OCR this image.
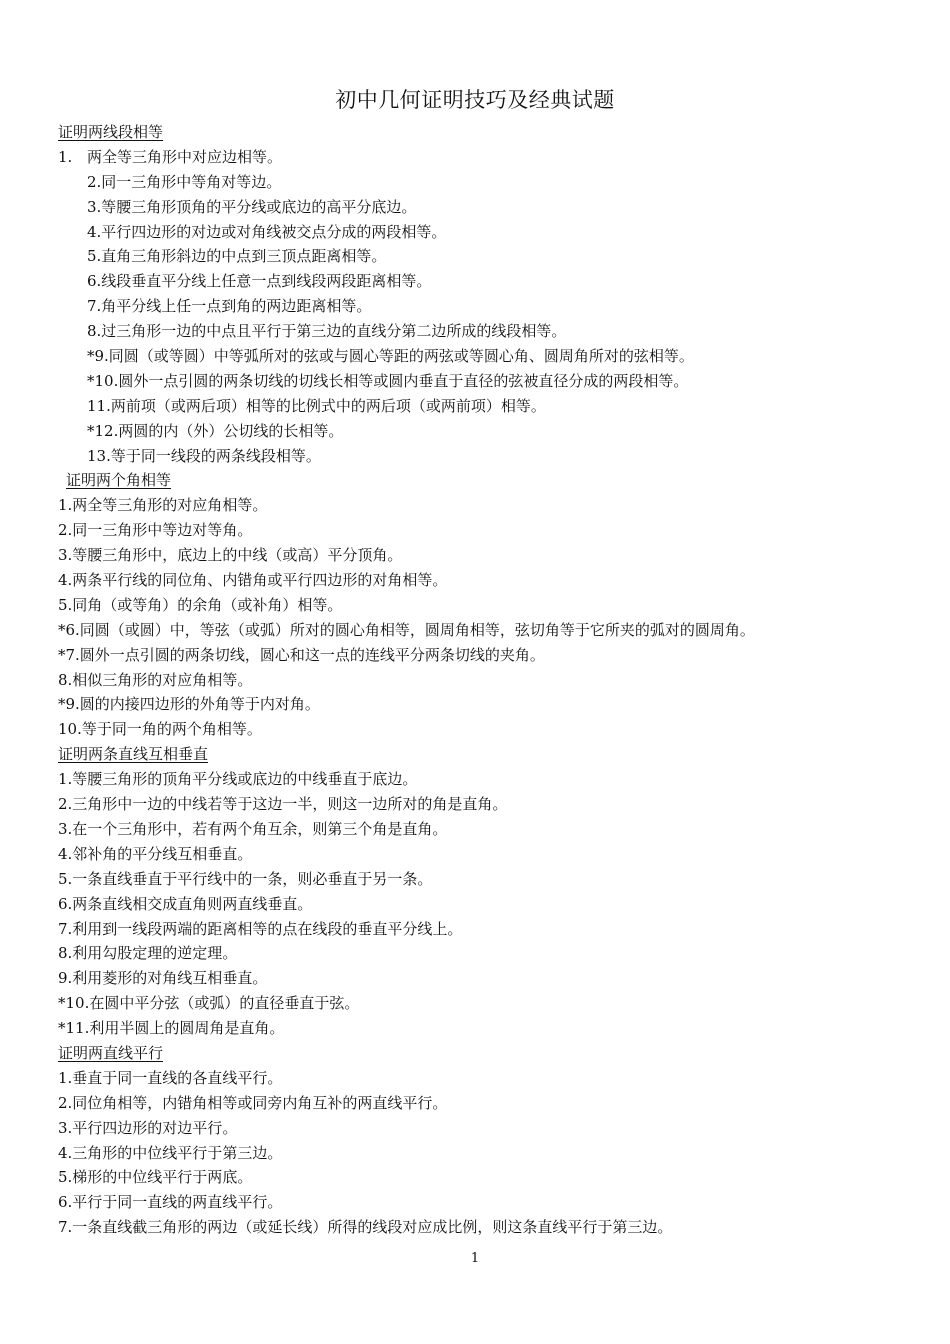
初中几何证明技巧及经典试题
证明两线段相等
1. 两全等三角形中对应边相等。
2.同一三角形中等角对等边。
3.等腰三角形顶角的平分线或底边的高平分底边。
4.平行四边形的对边或对角线被交点分成的两段相等。
5.直角三角形斜边的中点到三顶点距离相等。
6.线段垂直平分线上任意一点到线段两段距离相等。
7.角平分线上任一点到角的两边距离相等。
8.过三角形一边的中点且平行于第三边的直线分第二边所成的线段相等。
*9.同圆（或等圆）中等弧所对的弦或与圆心等距的两弦或等圆心角、圆周角所对的弦相等。
*10.圆外一点引圆的两条切线的切线长相等或圆内垂直于直径的弦被直径分成的两段相等。
11.两前项（或两后项）相等的比例式中的两后项（或两前项）相等。
*12.两圆的内（外）公切线的长相等。
13.等于同一线段的两条线段相等。
证明两个角相等
1.两全等三角形的对应角相等。
2.同一三角形中等边对等角。
3.等腰三角形中，底边上的中线（或高）平分顶角。
4.两条平行线的同位角、内错角或平行四边形的对角相等。
5.同角（或等角）的余角（或补角）相等。
*6.同圆（或圆）中，等弦（或弧）所对的圆心角相等，圆周角相等，弦切角等于它所夹的弧对的圆周角。
*7.圆外一点引圆的两条切线，圆心和这一点的连线平分两条切线的夹角。
8.相似三角形的对应角相等。
*9.圆的内接四边形的外角等于内对角。
10.等于同一角的两个角相等。
证明两条直线互相垂直
1.等腰三角形的顶角平分线或底边的中线垂直于底边。
2.三角形中一边的中线若等于这边一半，则这一边所对的角是直角。
3.在一个三角形中，若有两个角互余，则第三个角是直角。
4.邻补角的平分线互相垂直。
5.一条直线垂直于平行线中的一条，则必垂直于另一条。
6.两条直线相交成直角则两直线垂直。
7.利用到一线段两端的距离相等的点在线段的垂直平分线上。
8.利用勾股定理的逆定理。
9.利用菱形的对角线互相垂直。
*10.在圆中平分弦（或弧）的直径垂直于弦。
*11.利用半圆上的圆周角是直角。
证明两直线平行
1.垂直于同一直线的各直线平行。
2.同位角相等，内错角相等或同旁内角互补的两直线平行。
3.平行四边形的对边平行。
4.三角形的中位线平行于第三边。
5.梯形的中位线平行于两底。
6.平行于同一直线的两直线平行。
7.一条直线截三角形的两边（或延长线）所得的线段对应成比例，则这条直线平行于第三边。
1
